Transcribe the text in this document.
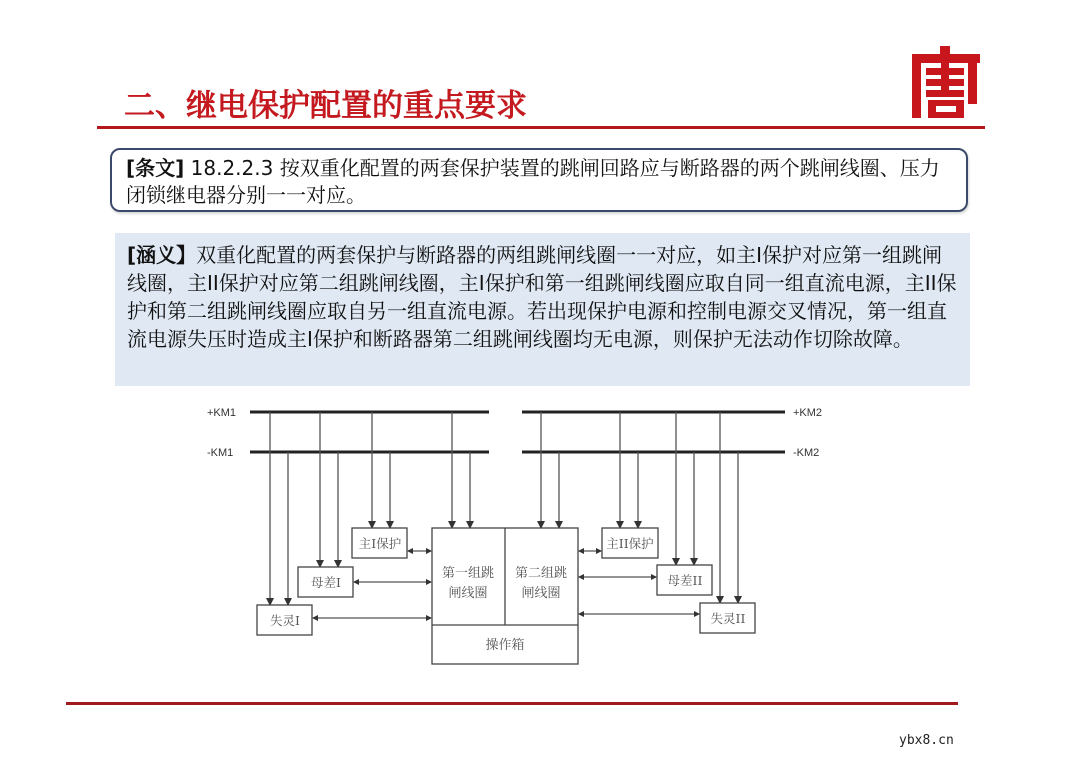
二、继电保护配置的重点要求
[条文] 18.2.2.3 按双重化配置的两套保护装置的跳闸回路应与断路器的两个跳闸线圈、压力闭锁继电器分别一一对应。
[涵义】双重化配置的两套保护与断路器的两组跳闸线圈一一对应，如主I保护对应第一组跳闸线圈，主II保护对应第二组跳闸线圈，主I保护和第一组跳闸线圈应取自同一组直流电源，主II保护和第二组跳闸线圈应取自另一组直流电源。若出现保护电源和控制电源交叉情况，第一组直流电源失压时造成主I保护和断路器第二组跳闸线圈均无电源，则保护无法动作切除故障。
+KM1
-KM1
+KM2
-KM2
第一组跳
闸线圈
第二组跳
闸线圈
操作箱
主I保护
母差I
失灵I
主II保护
母差II
失灵II
ybx8.cn
